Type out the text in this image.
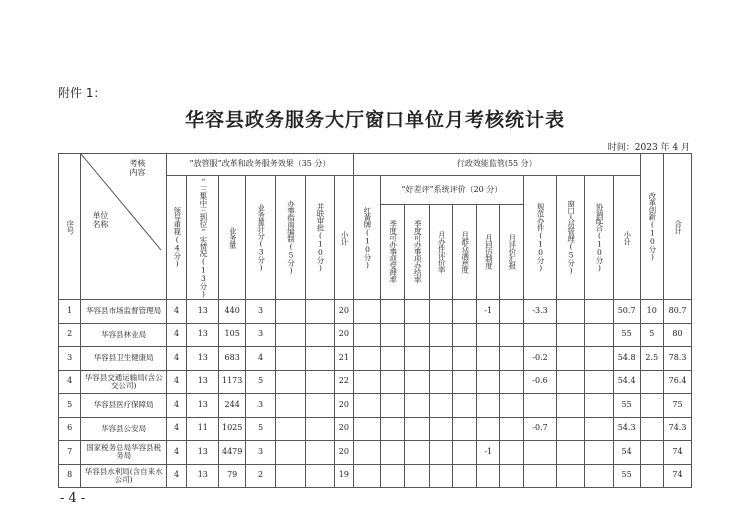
附件 1：
华容县政务服务大厅窗口单位月考核统计表
时间：2023 年 4 月
序号	考核内容
单位名称	“放管服”改革和政务服务效果（35 分）							行政效能监管(55 分）											改革创新(10分)	合计
		领导重视(4分)	“三集中三到位”实情况(13分)	业务量	业务量计分(3分)	办事指南编制(5分)	并联审批(10分)	小计	红黄牌(10分)	“好差评”系统评价（20 分）						规范办件(10分)	窗口人员管理(5分)	协调配合(10分)	小计		
										季度可办事项受理率	季度可办事项办结率	月办件评价率	月群众满意度	月回访制度	月评价汇报						
1	华容县市场监督管理局	4	13	440	3			20						-1		-3.3			50.7	10	80.7
2	华容县林业局	4	13	105	3			20											55	5	80
3	华容县卫生健康局	4	13	683	4			21								-0.2			54.8	2.5	78.3
4	华容县交通运输局(含公交公司)	4	13	1173	5			22								-0.6			54.4		76.4
5	华容县医疗保障局	4	13	244	3			20											55		75
6	华容县公安局	4	11	1025	5			20								-0.7			54.3		74.3
7	国家税务总局华容县税务局	4	13	4479	3			20						-1					54		74
8	华容县水利局(含自来水公司)	4	13	79	2			19											55		74
- 4 -
